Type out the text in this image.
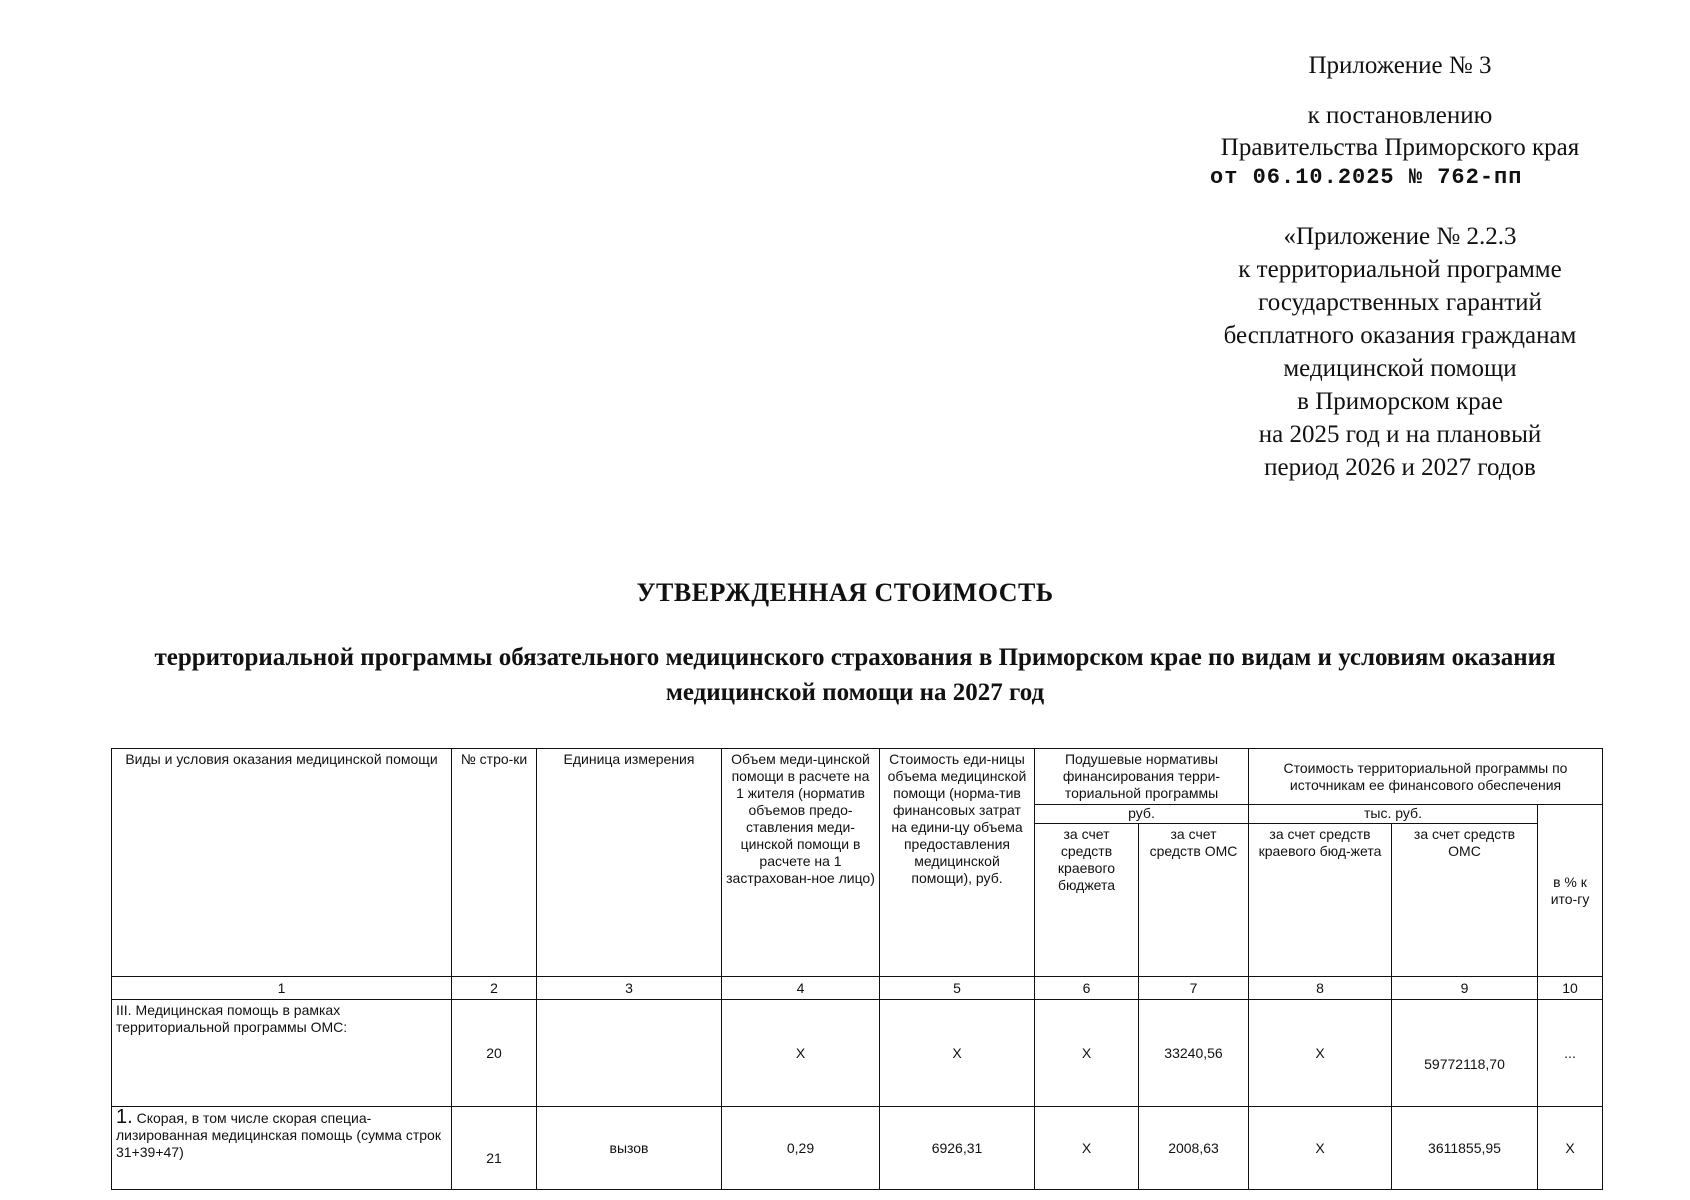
Приложение № 3
к постановлению
Правительства Приморского края
от 06.10.2025 № 762-пп
«Приложение № 2.2.3
к территориальной программе
государственных гарантий
бесплатного оказания гражданам
медицинской помощи
в Приморском крае
на 2025 год и на плановый
период 2026 и 2027 годов
УТВЕРЖДЕННАЯ СТОИМОСТЬ
территориальной программы обязательного медицинского страхования в Приморском крае по видам и условиям оказания медицинской помощи на 2027 год
Виды и условия оказания медицинской помощи	№ стро-ки	Единица измерения	Объем меди-цинской помощи в расчете на 1 жителя (норматив объемов предо-ставления меди-цинской помощи в расчете на 1 застрахован-ное лицо)	Стоимость еди-ницы объема медицинской помощи (норма-тив финансовых затрат на едини-цу объема предоставления медицинской помощи), руб.	Подушевые нормативы финансирования терри-ториальной программы		Стоимость территориальной программы по источникам ее финансового обеспечения		
					руб.		тыс. руб.		в % к ито-гу
					за счет средств краевого бюджета	за счет средств ОМС	за счет средств краевого бюд-жета	за счет средств ОМС	
1	2	3	4	5	6	7	8	9	10
III. Медицинская помощь в рамках территориальной программы ОМС:	20		Х	Х	Х	33240,56	Х	59772118,70	...
1. Скорая, в том числе скорая специа-лизированная медицинская помощь (сумма строк 31+39+47)	21	вызов	0,29	6926,31	Х	2008,63	Х	3611855,95	Х
